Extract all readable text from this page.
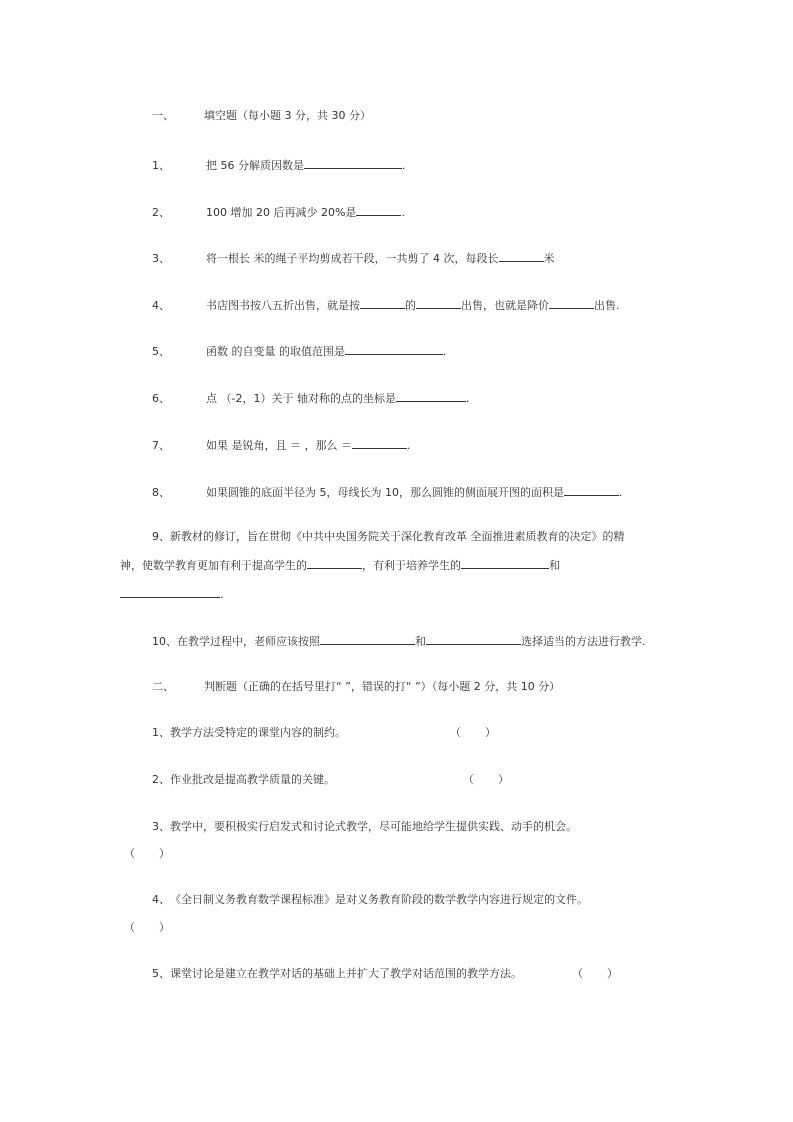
一、	填空题（每小题 3 分，共 30 分）
1、	把 56 分解质因数是	.
2、	100 增加 20 后再减少 20%是	.
3、	将一根长 米的绳子平均剪成若干段，一共剪了 4 次，每段长	米
4、	书店图书按八五折出售，就是按	的	出售，也就是降价	出售.
5、	函数 的自变量 的取值范围是	.
6、	点 （-2，1）关于 轴对称的点的坐标是	.
7、	如果 是锐角，且 ＝ ，那么 ＝	.
8、	如果圆锥的底面半径为 5，母线长为 10，那么圆锥的侧面展开图的面积是	.
9、新教材的修订，旨在贯彻《中共中央国务院关于深化教育改革 全面推进素质教育的决定》的精
神，使数学教育更加有利于提高学生的	，有利于培养学生的	和
.
10、在教学过程中，老师应该按照	和	选择适当的方法进行教学.
二、	判断题（正确的在括号里打“ ”，错误的打“ ”）（每小题 2 分，共 10 分）
1、教学方法受特定的课堂内容的制约。	（ ）
2、作业批改是提高教学质量的关键。	（ ）
3、教学中，要积极实行启发式和讨论式教学，尽可能地给学生提供实践、动手的机会。
（ ）
4、《全日制义务教育数学课程标准》是对义务教育阶段的数学教学内容进行规定的文件。
（ ）
5、课堂讨论是建立在教学对话的基础上并扩大了教学对话范围的教学方法。	（ ）
